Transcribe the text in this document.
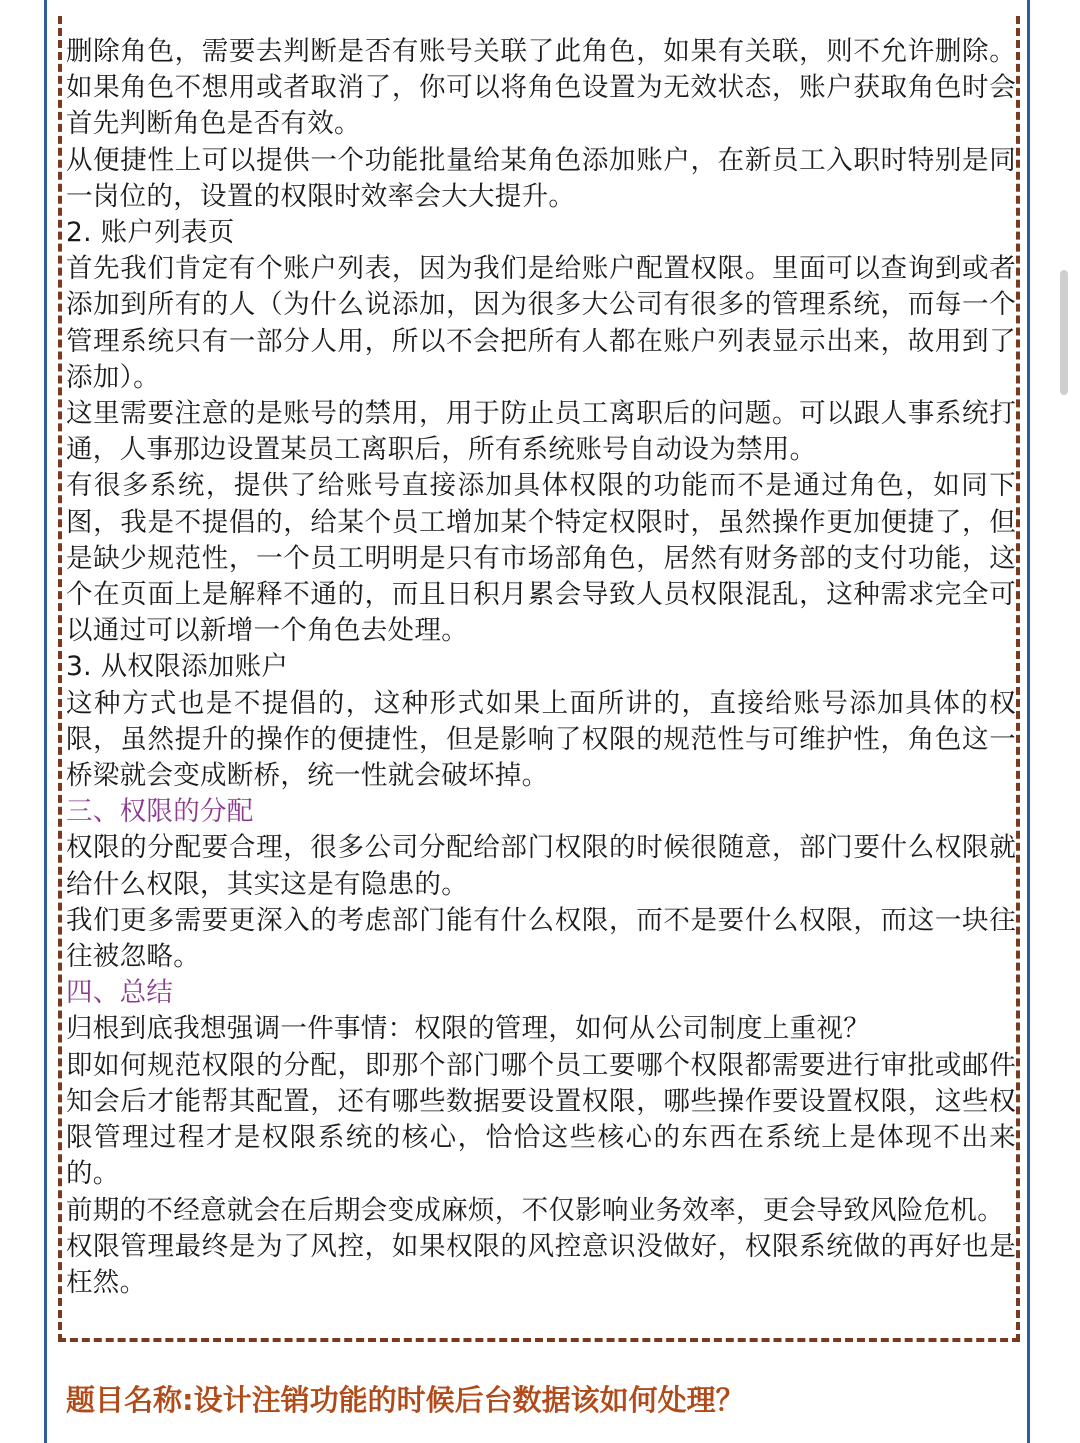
删除角色，需要去判断是否有账号关联了此角色，如果有关联，则不允许删除。如果角色不想用或者取消了，你可以将角色设置为无效状态，账户获取角色时会首先判断角色是否有效。

从便捷性上可以提供一个功能批量给某角色添加账户，在新员工入职时特别是同一岗位的，设置的权限时效率会大大提升。

2. 账户列表页

首先我们肯定有个账户列表，因为我们是给账户配置权限。里面可以查询到或者添加到所有的人（为什么说添加，因为很多大公司有很多的管理系统，而每一个管理系统只有一部分人用，所以不会把所有人都在账户列表显示出来，故用到了添加）。

这里需要注意的是账号的禁用，用于防止员工离职后的问题。可以跟人事系统打通，人事那边设置某员工离职后，所有系统账号自动设为禁用。

有很多系统，提供了给账号直接添加具体权限的功能而不是通过角色，如同下图，我是不提倡的，给某个员工增加某个特定权限时，虽然操作更加便捷了，但是缺少规范性，一个员工明明是只有市场部角色，居然有财务部的支付功能，这个在页面上是解释不通的，而且日积月累会导致人员权限混乱，这种需求完全可以通过可以新增一个角色去处理。

3. 从权限添加账户

这种方式也是不提倡的，这种形式如果上面所讲的，直接给账号添加具体的权限，虽然提升的操作的便捷性，但是影响了权限的规范性与可维护性，角色这一桥梁就会变成断桥，统一性就会破坏掉。

三、权限的分配

权限的分配要合理，很多公司分配给部门权限的时候很随意，部门要什么权限就给什么权限，其实这是有隐患的。

我们更多需要更深入的考虑部门能有什么权限，而不是要什么权限，而这一块往往被忽略。

四、总结

归根到底我想强调一件事情：权限的管理，如何从公司制度上重视？

即如何规范权限的分配，即那个部门哪个员工要哪个权限都需要进行审批或邮件知会后才能帮其配置，还有哪些数据要设置权限，哪些操作要设置权限，这些权限管理过程才是权限系统的核心，恰恰这些核心的东西在系统上是体现不出来的。

前期的不经意就会在后期会变成麻烦，不仅影响业务效率，更会导致风险危机。

权限管理最终是为了风控，如果权限的风控意识没做好，权限系统做的再好也是枉然。

题目名称:设计注销功能的时候后台数据该如何处理？
